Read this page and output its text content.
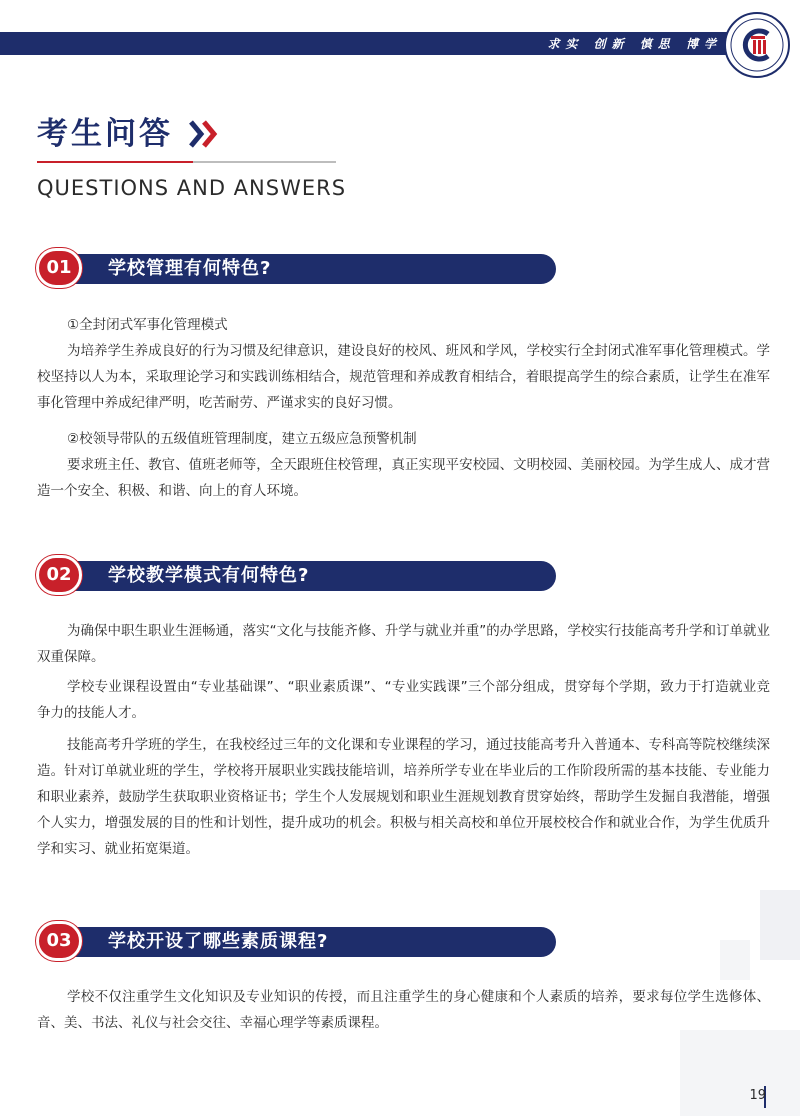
求实 创新 慎思 博学
考生问答
QUESTIONS AND ANSWERS
01	学校管理有何特色?

①全封闭式军事化管理模式

为培养学生养成良好的行为习惯及纪律意识，建设良好的校风、班风和学风，学校实行全封闭式准军事化管理模式。学校坚持以人为本，采取理论学习和实践训练相结合，规范管理和养成教育相结合，着眼提高学生的综合素质，让学生在准军事化管理中养成纪律严明，吃苦耐劳、严谨求实的良好习惯。

②校领导带队的五级值班管理制度，建立五级应急预警机制

要求班主任、教官、值班老师等，全天跟班住校管理，真正实现平安校园、文明校园、美丽校园。为学生成人、成才营造一个安全、积极、和谐、向上的育人环境。

02	学校教学模式有何特色?

为确保中职生职业生涯畅通，落实“文化与技能齐修、升学与就业并重”的办学思路，学校实行技能高考升学和订单就业双重保障。

学校专业课程设置由“专业基础课”、“职业素质课”、“专业实践课”三个部分组成，贯穿每个学期，致力于打造就业竞争力的技能人才。

技能高考升学班的学生，在我校经过三年的文化课和专业课程的学习，通过技能高考升入普通本、专科高等院校继续深造。针对订单就业班的学生，学校将开展职业实践技能培训，培养所学专业在毕业后的工作阶段所需的基本技能、专业能力和职业素养，鼓励学生获取职业资格证书；学生个人发展规划和职业生涯规划教育贯穿始终，帮助学生发掘自我潜能，增强个人实力，增强发展的目的性和计划性，提升成功的机会。积极与相关高校和单位开展校校合作和就业合作，为学生优质升学和实习、就业拓宽渠道。

03	学校开设了哪些素质课程?

学校不仅注重学生文化知识及专业知识的传授，而且注重学生的身心健康和个人素质的培养，要求每位学生选修体、音、美、书法、礼仪与社会交往、幸福心理学等素质课程。

19
